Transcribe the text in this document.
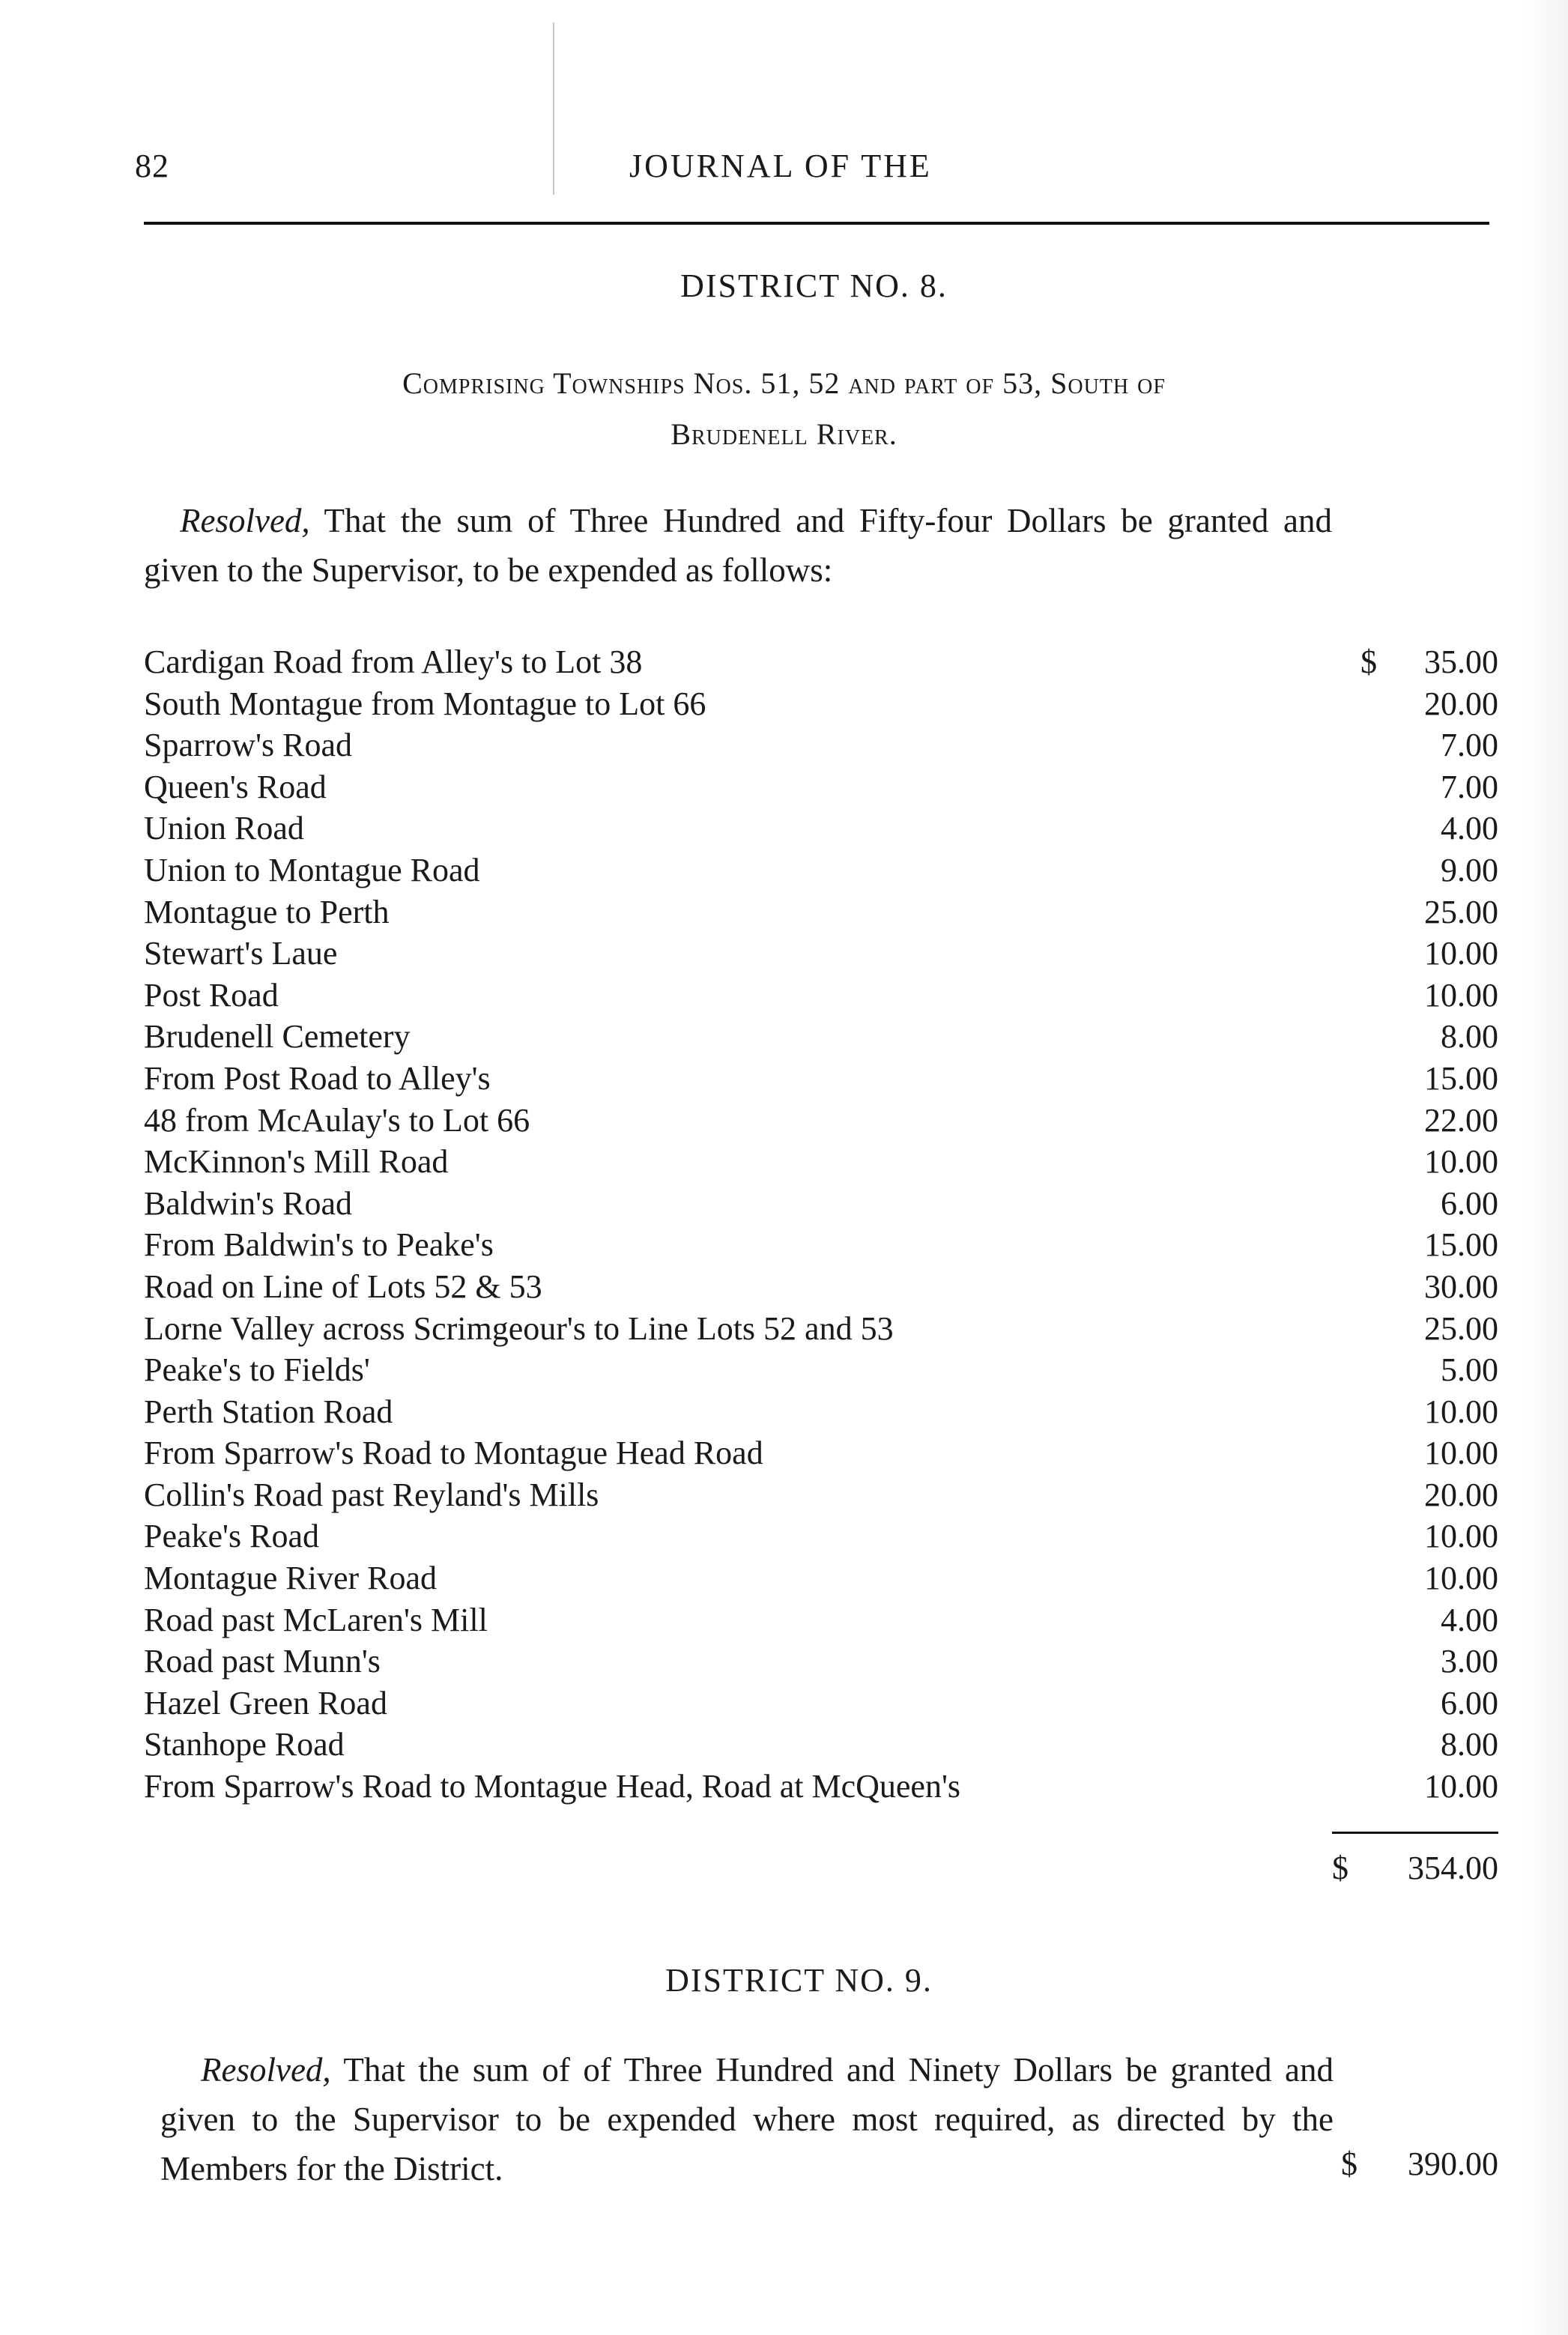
82	JOURNAL OF THE
DISTRICT NO. 8.
Comprising Townships Nos. 51, 52 and part of 53, South of
Brudenell River.
Resolved, That the sum of Three Hundred and Fifty-four Dollars be granted and given to the Supervisor, to be expended as follows:
Cardigan Road from Alley's to Lot 38	$ 35.00
South Montague from Montague to Lot 66	20.00
Sparrow's Road	7.00
Queen's Road	7.00
Union Road	4.00
Union to Montague Road	9.00
Montague to Perth	25.00
Stewart's Laue	10.00
Post Road	10.00
Brudenell Cemetery	8.00
From Post Road to Alley's	15.00
48 from McAulay's to Lot 66	22.00
McKinnon's Mill Road	10.00
Baldwin's Road	6.00
From Baldwin's to Peake's	15.00
Road on Line of Lots 52 & 53	30.00
Lorne Valley across Scrimgeour's to Line Lots 52 and 53	25.00
Peake's to Fields'	5.00
Perth Station Road	10.00
From Sparrow's Road to Montague Head Road	10.00
Collin's Road past Reyland's Mills	20.00
Peake's Road	10.00
Montague River Road	10.00
Road past McLaren's Mill	4.00
Road past Munn's	3.00
Hazel Green Road	6.00
Stanhope Road	8.00
From Sparrow's Road to Montague Head, Road at McQueen's	10.00
$ 354.00
DISTRICT NO. 9.
Resolved, That the sum of of Three Hundred and Ninety Dollars be granted and given to the Supervisor to be expended where most required, as directed by the Members for the District.	$ 390.00
